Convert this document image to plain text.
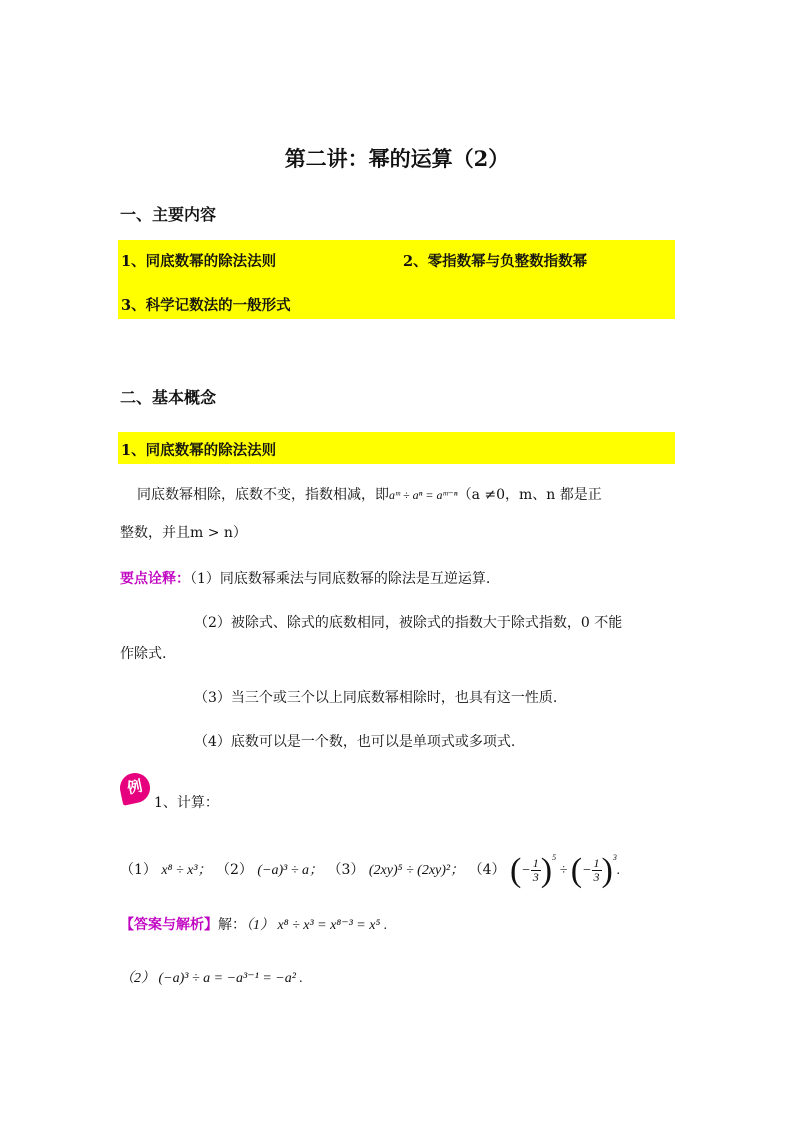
第二讲：幂的运算（2）
一、主要内容
1、同底数幂的除法法则	2、零指数幂与负整数指数幂
3、科学记数法的一般形式
二、基本概念
1、同底数幂的除法法则
同底数幂相除，底数不变，指数相减，即aᵐ ÷ aⁿ = aᵐ⁻ⁿ（a ≠0，m、n 都是正
整数，并且m > n）
要点诠释：（1）同底数幂乘法与同底数幂的除法是互逆运算.
（2）被除式、除式的底数相同，被除式的指数大于除式指数，0 不能
作除式.
（3）当三个或三个以上同底数幂相除时，也具有这一性质.
（4）底数可以是一个数，也可以是单项式或多项式.
例
1、计算：
（1） x⁸ ÷ x³； （2） (−a)³ ÷ a； （3） (2xy)⁵ ÷ (2xy)²； （4） (− $\frac{1}{3} )^5$ ÷ (− $\frac{1}{3} )^3$.
【答案与解析】解：（1） x⁸ ÷ x³ = x⁸⁻³ = x⁵ .
（2） (−a)³ ÷ a = −a³⁻¹ = −a² .
